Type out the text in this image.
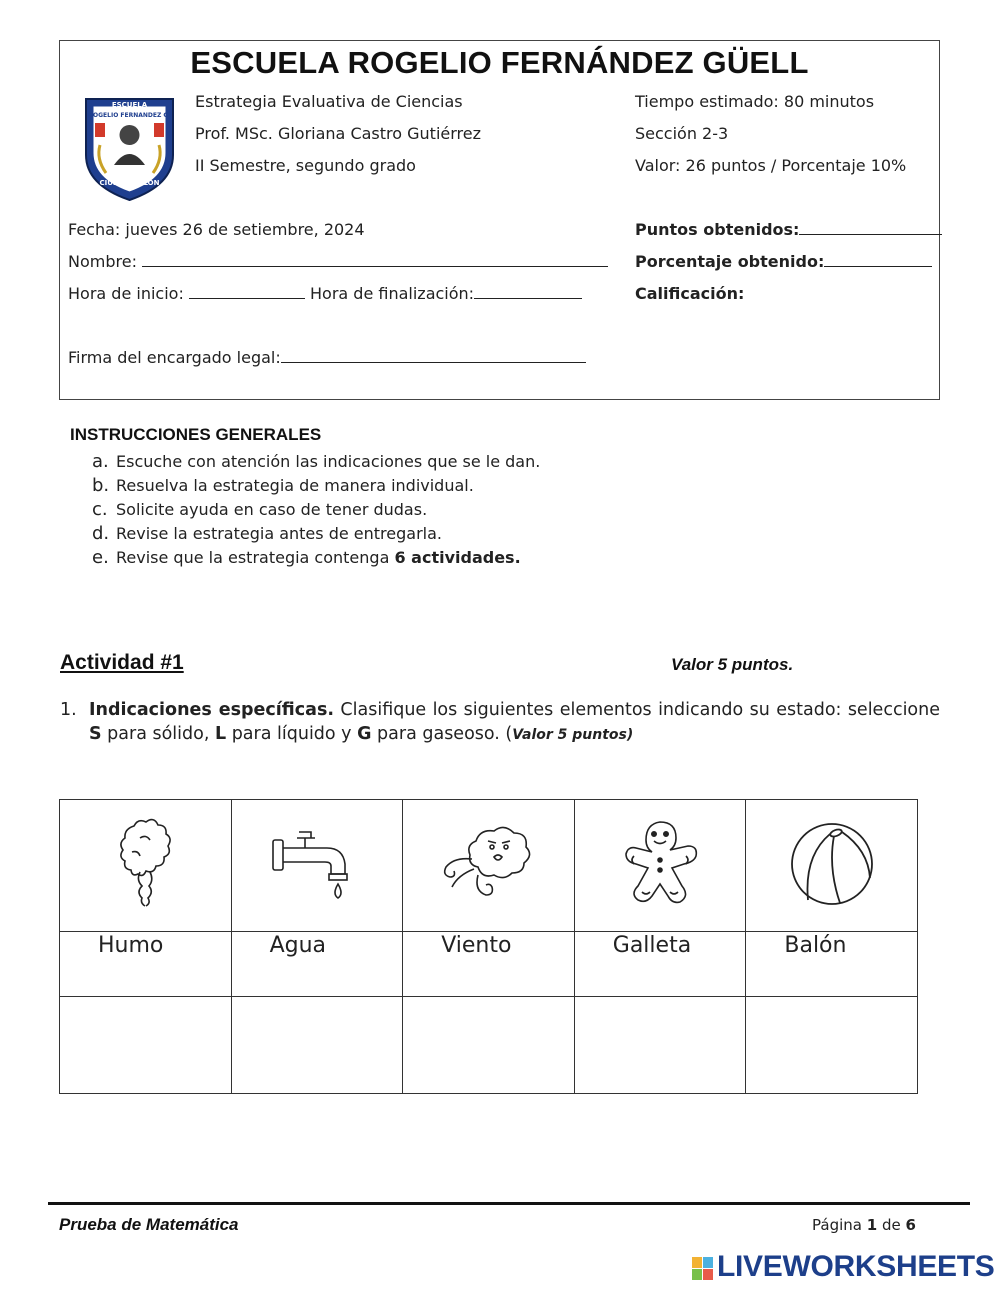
ESCUELA ROGELIO FERNÁNDEZ GÜELL
ESCUELA
ROGELIO FERNANDEZ G.
CIUDAD COLON
Estrategia Evaluativa de Ciencias
Prof. MSc. Gloriana Castro Gutiérrez
II Semestre, segundo grado
Tiempo estimado: 80 minutos
Sección 2-3
Valor: 26 puntos / Porcentaje 10%
Fecha: jueves 26 de setiembre, 2024
Nombre:
Hora de inicio:	Hora de finalización:
Firma del encargado legal:
Puntos obtenidos:
Porcentaje obtenido:
Calificación:
INSTRUCCIONES GENERALES
a. Escuche con atención las indicaciones que se le dan.
b. Resuelva la estrategia de manera individual.
c. Solicite ayuda en caso de tener dudas.
d. Revise la estrategia antes de entregarla.
e. Revise que la estrategia contenga 6 actividades.
Actividad #1	Valor 5 puntos.
1. Indicaciones específicas. Clasifique los siguientes elementos indicando su estado: seleccione S para sólido, L para líquido y G para gaseoso. (Valor 5 puntos)

Humo	Agua	Viento	Galleta	Balón

Prueba de Matemática	Página 1 de 6
LIVEWORKSHEETS
